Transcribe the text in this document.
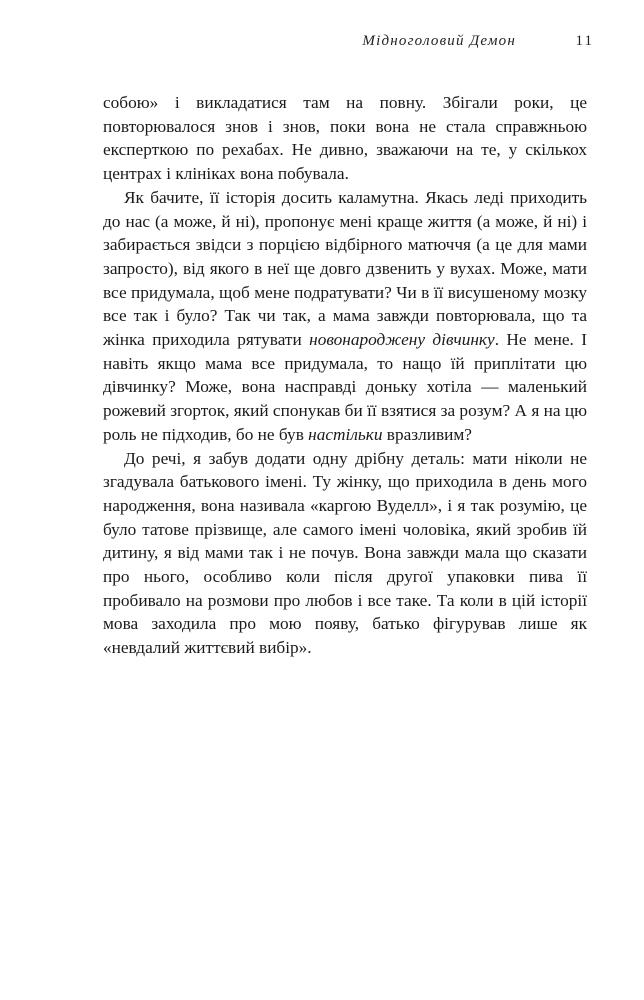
Мідноголовий Демон	11

собою» і викладатися там на повну. Збігали роки, це повторювалося знов і знов, поки вона не стала справжньою експерткою по рехабах. Не дивно, зважаючи на те, у скількох центрах і клініках вона побувала.

Як бачите, її історія досить каламутна. Якась леді приходить до нас (а може, й ні), пропонує мені краще життя (а може, й ні) і забирається звідси з порцією відбірного матюччя (а це для мами запросто), від якого в неї ще довго дзвенить у вухах. Може, мати все придумала, щоб мене подратувати? Чи в її висушеному мозку все так і було? Так чи так, а мама завжди повторювала, що та жінка приходила рятувати новонароджену дівчинку. Не мене. І навіть якщо мама все придумала, то нащо їй приплітати цю дівчинку? Може, вона насправді доньку хотіла — маленький рожевий згорток, який спонукав би її взятися за розум? А я на цю роль не підходив, бо не був настільки вразливим?

До речі, я забув додати одну дрібну деталь: мати ніколи не згадувала батькового імені. Ту жінку, що приходила в день мого народження, вона називала «каргою Вуделл», і я так розумію, це було татове прізвище, але самого імені чоловіка, який зробив їй дитину, я від мами так і не почув. Вона завжди мала що сказати про нього, особливо коли після другої упаковки пива її пробивало на розмови про любов і все таке. Та коли в цій історії мова заходила про мою появу, батько фігурував лише як «невдалий життєвий вибір».
